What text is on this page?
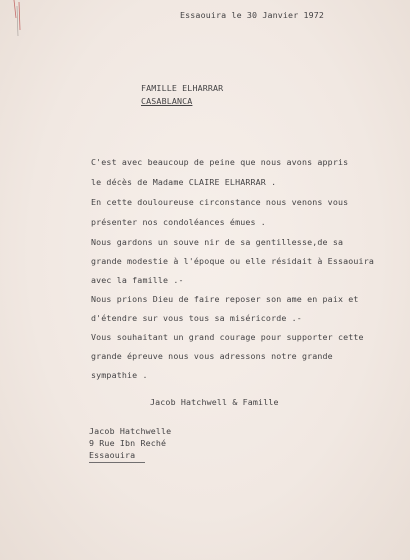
Essaouira le 30 Janvier 1972
FAMILLE ELHARRAR
CASABLANCA
C'est avec beaucoup de peine que nous avons appris
le décès de Madame CLAIRE ELHARRAR .
En cette douloureuse circonstance nous venons vous
présenter nos condoléances émues .
Nous gardons un souve nir de sa gentillesse,de sa
grande modestie à l'époque ou elle résidait à Essaouira
avec la famille .-
Nous prions Dieu de faire reposer son ame en paix et
d'étendre sur vous tous sa miséricorde .-
Vous souhaitant un grand courage pour supporter cette
grande épreuve nous vous adressons notre grande
sympathie .
Jacob Hatchwell & Famille
Jacob Hatchwelle
9 Rue Ibn Reché
Essaouira
